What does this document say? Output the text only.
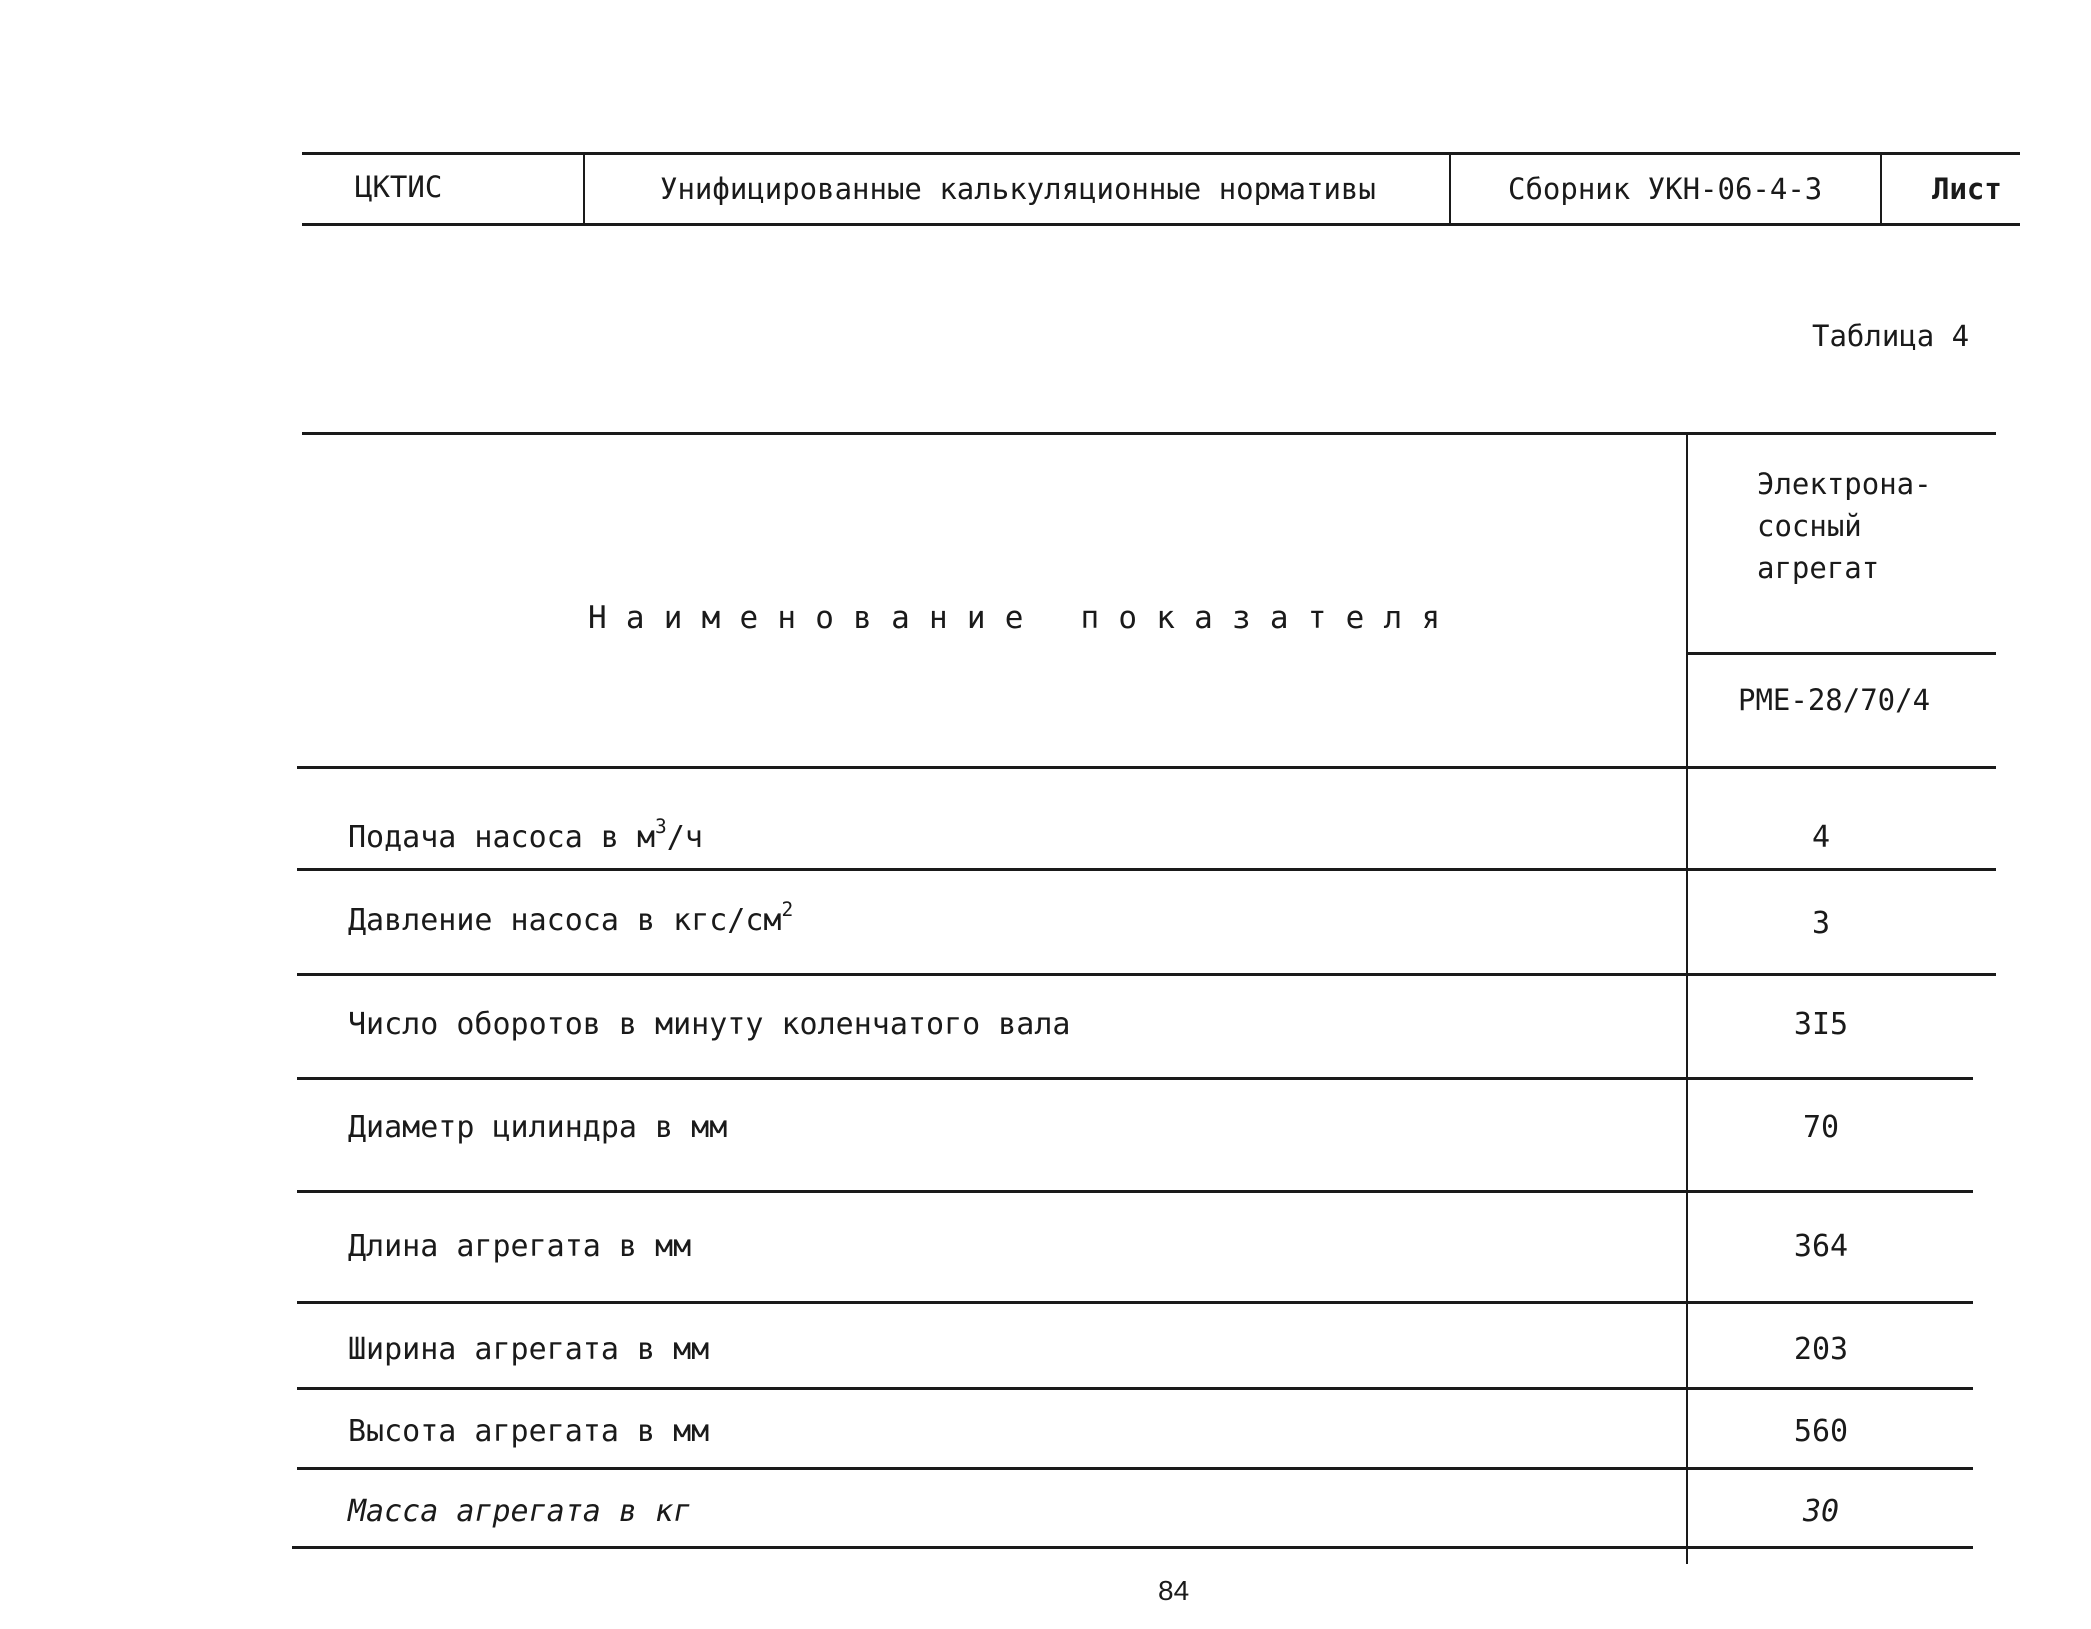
ЦКТИС	Унифицированные калькуляционные нормативы	Сборник УКН-06-4-3	Лист
Таблица 4
Наименование показателя
Электрона-
сосный
агрегат
РМЕ-28/70/4
Подача насоса в $м^3/ч$	4
Давление насоса в кгс/$см^2$	3
Число оборотов в минуту коленчатого вала	3I5
Диаметр цилиндра в мм	70
Длина агрегата в мм	364
Ширина агрегата в мм	203
Высота агрегата в мм	560
Масса агрегата в кг	30
84
